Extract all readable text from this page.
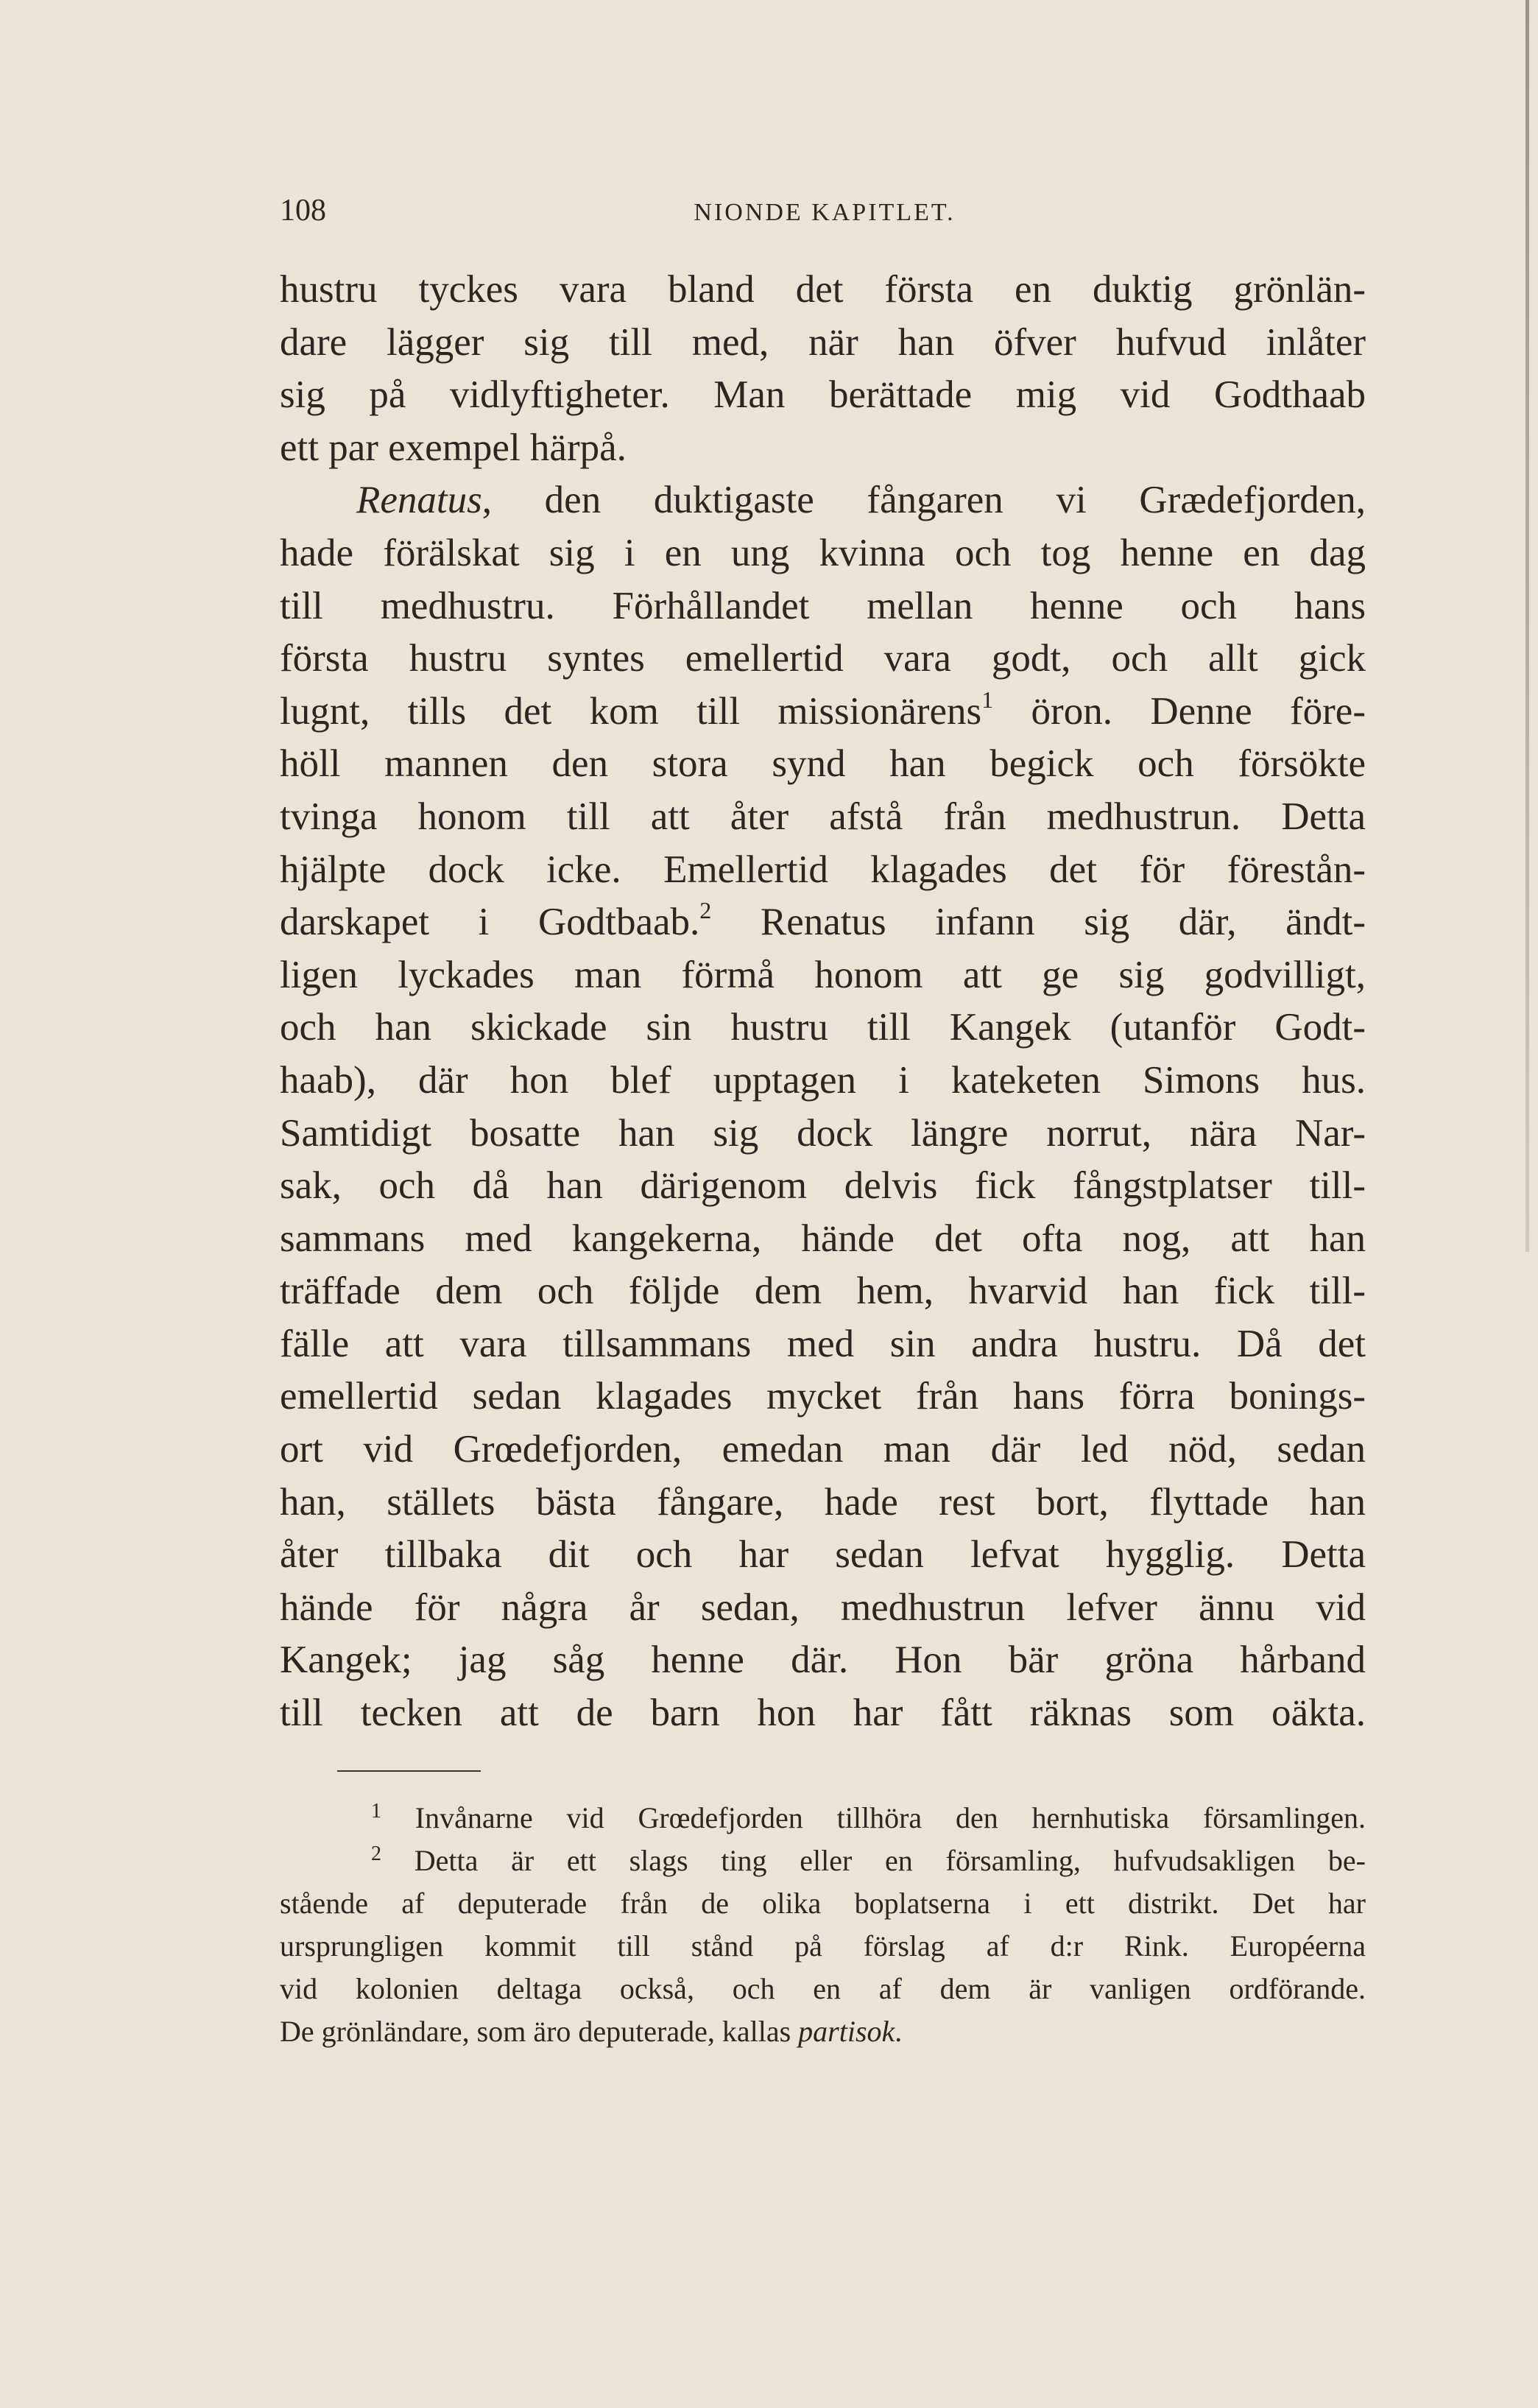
108	NIONDE KAPITLET.
hustru tyckes vara bland det första en duktig grönlän-
dare lägger sig till med, när han öfver hufvud inlåter
sig på vidlyftigheter. Man berättade mig vid Godthaab
ett par exempel härpå.
Renatus, den duktigaste fångaren vi Grædefjorden,
hade förälskat sig i en ung kvinna och tog henne en dag
till medhustru. Förhållandet mellan henne och hans
första hustru syntes emellertid vara godt, och allt gick
lugnt, tills det kom till missionärens$^1$ öron. Denne före-
höll mannen den stora synd han begick och försökte
tvinga honom till att åter afstå från medhustrun. Detta
hjälpte dock icke. Emellertid klagades det för förestån-
darskapet i Godtbaab.$^2$ Renatus infann sig där, ändt-
ligen lyckades man förmå honom att ge sig godvilligt,
och han skickade sin hustru till Kangek (utanför Godt-
haab), där hon blef upptagen i kateketen Simons hus.
Samtidigt bosatte han sig dock längre norrut, nära Nar-
sak, och då han därigenom delvis fick fångstplatser till-
sammans med kangekerna, hände det ofta nog, att han
träffade dem och följde dem hem, hvarvid han fick till-
fälle att vara tillsammans med sin andra hustru. Då det
emellertid sedan klagades mycket från hans förra bonings-
ort vid Grœdefjorden, emedan man där led nöd, sedan
han, ställets bästa fångare, hade rest bort, flyttade han
åter tillbaka dit och har sedan lefvat hygglig. Detta
hände för några år sedan, medhustrun lefver ännu vid
Kangek; jag såg henne där. Hon bär gröna hårband
till tecken att de barn hon har fått räknas som oäkta.
$^1$ Invånarne vid Grœdefjorden tillhöra den hernhutiska församlingen.
$^2$ Detta är ett slags ting eller en församling, hufvudsakligen be-
stående af deputerade från de olika boplatserna i ett distrikt. Det har
ursprungligen kommit till stånd på förslag af d:r Rink. Européerna
vid kolonien deltaga också, och en af dem är vanligen ordförande.
De grönländare, som äro deputerade, kallas partisok.
